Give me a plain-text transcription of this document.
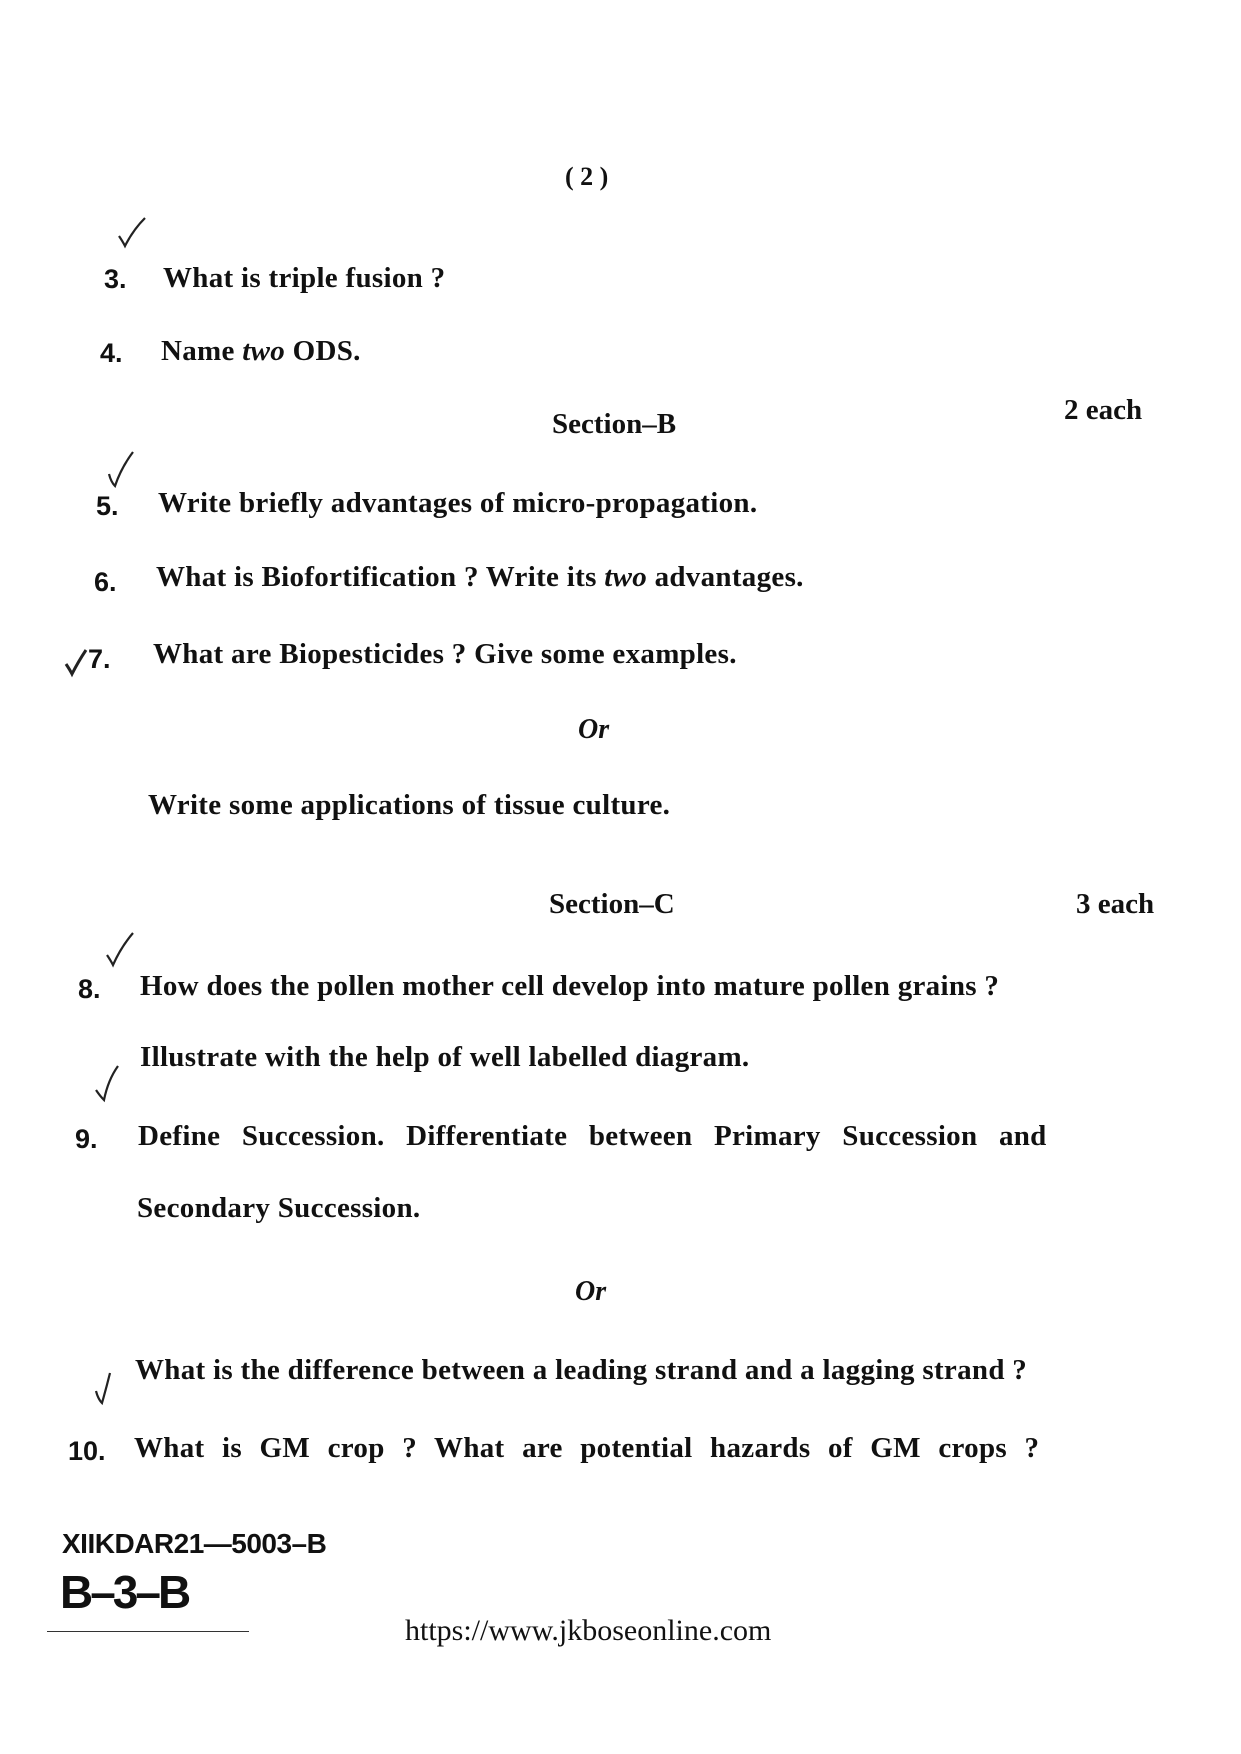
( 2 )
3. What is triple fusion ?
4. Name two ODS.
Section–B	2 each
5. Write briefly advantages of micro-propagation.
6. What is Biofortification ? Write its two advantages.
7. What are Biopesticides ? Give some examples.
Or
Write some applications of tissue culture.
Section–C	3 each
8. How does the pollen mother cell develop into mature pollen grains ?
Illustrate with the help of well labelled diagram.
9. Define Succession. Differentiate between Primary Succession and
Secondary Succession.
Or
What is the difference between a leading strand and a lagging strand ?
10. What is GM crop ? What are potential hazards of GM crops ?
XIIKDAR21—5003–B
B–3–B
https://www.jkboseonline.com
